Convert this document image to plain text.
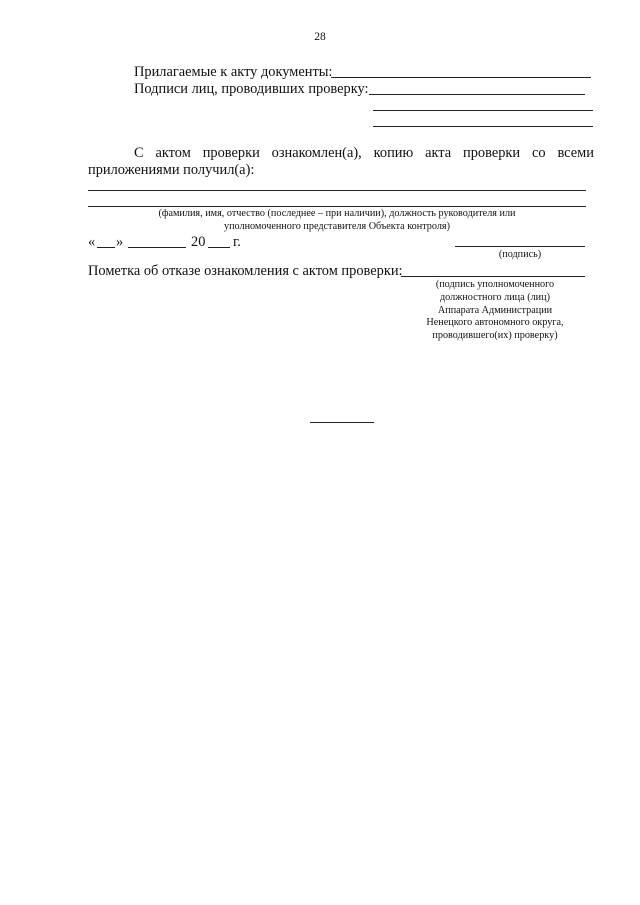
28
Прилагаемые к акту документы:
Подписи лиц, проводивших проверку:
С актом проверки ознакомлен(а), копию акта проверки со всеми
приложениями получил(а):
(фамилия, имя, отчество (последнее – при наличии), должность руководителя или
уполномоченного представителя Объекта контроля)
« »	20 г.
(подпись)
Пометка об отказе ознакомления с актом проверки:
(подпись уполномоченного
должностного лица (лиц)
Аппарата Администрации
Ненецкого автономного округа,
проводившего(их) проверку)
